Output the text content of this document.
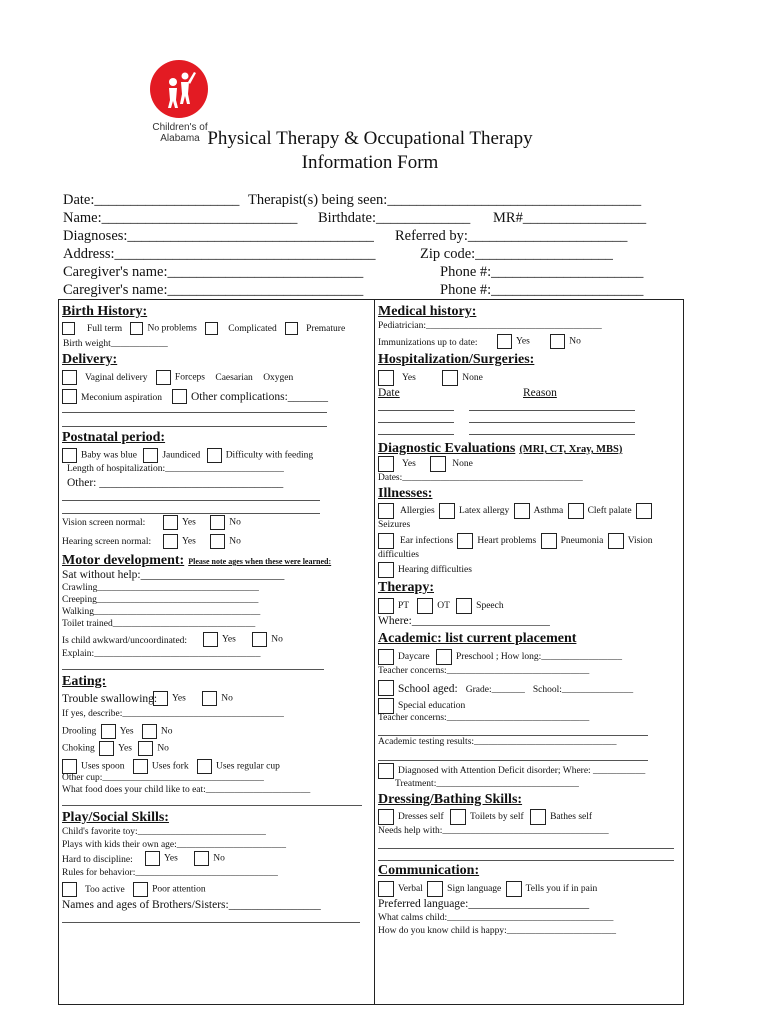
Children's of Alabama Physical Therapy & Occupational Therapy
Information Form
Date:____________________ Therapist(s) being seen:___________________________________
Name:___________________________ Birthdate:_____________ MR#_________________
Diagnoses:__________________________________ Referred by:______________________
Address:____________________________________	Zip code:___________________
Caregiver's name:___________________________	Phone #:_____________________
Caregiver's name:___________________________	Phone #:_____________________
Birth History:
Full term	No problems	Complicated	Premature
Birth weight____________
Delivery:
Vaginal delivery	Forceps Caesarian Oxygen
Meconium aspiration	Other complications:_______
Postnatal period:
Baby was blue	Jaundiced	Difficulty with feeding
Length of hospitalization:_________________________
Other: ________________________________
Vision screen normal:	Yes	No
Hearing screen normal:	Yes	No
Motor development: Please note ages when these were learned:
Sat without help:_________________________
Crawling__________________________________
Creeping__________________________________
Walking___________________________________
Toilet trained______________________________
Is child awkward/uncoordinated:	Yes	No
Explain:___________________________________
Eating:
Trouble swallowing:	Yes	No
If yes, describe:__________________________________
Drooling Yes	No
Choking Yes	No
Uses spoon	Uses fork	Uses regular cup
Other cup:__________________________________
What food does your child like to eat:______________________
Play/Social Skills:
Child's favorite toy:___________________________
Plays with kids their own age:_______________________
Hard to discipline:	Yes	No
Rules for behavior:______________________________
Too active	Poor attention
Names and ages of Brothers/Sisters:________________
Medical history:
Pediatrician:_____________________________________
Immunizations up to date:	Yes	No
Hospitalization/Surgeries:
Yes	None
Date	Reason
Diagnostic Evaluations (MRI, CT, Xray, MBS)
Yes	None
Dates:______________________________________
Illnesses:
Allergies	Latex allergy	Asthma	Cleft palate
Seizures
Ear infections	Heart problems	Pneumonia	Vision
difficulties
Hearing difficulties
Therapy:
PT	OT	Speech
Where:________________________
Academic: list current placement
Daycare	Preschool ; How long:_________________
Teacher concerns:______________________________
School aged: Grade:_______ School:_______________
Special education
Teacher concerns:______________________________
Academic testing results:______________________________
Diagnosed with Attention Deficit disorder; Where: ___________
Treatment:______________________________
Dressing/Bathing Skills:
Dresses self	Toilets by self	Bathes self
Needs help with:___________________________________
Communication:
Verbal	Sign language	Tells you if in pain
Preferred language:_____________________
What calms child:___________________________________
How do you know child is happy:_______________________
